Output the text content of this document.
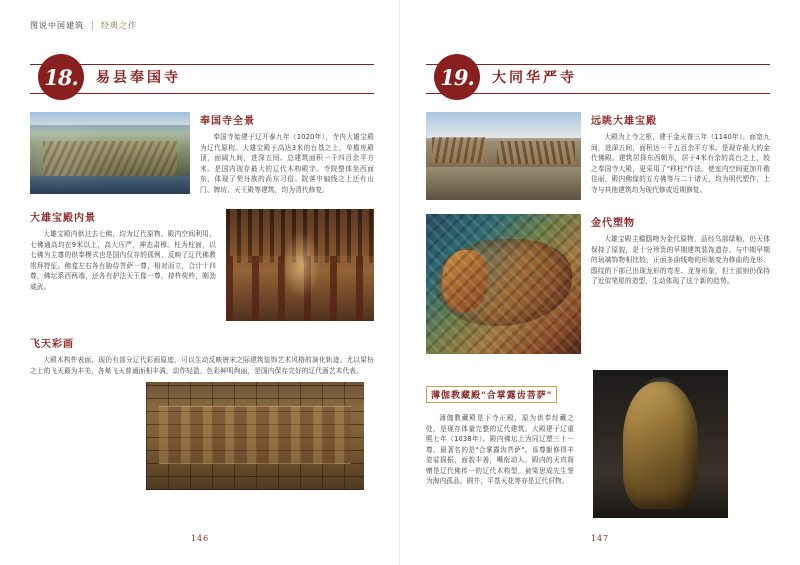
图说中国建筑 经典之作
18. 易县奉国寺
奉国寺全景
奉国寺始建于辽开泰九年（1020年），寺内大雄宝殿为辽代原构。大雄宝殿于高达3米的台基之上，单檐庑殿顶，面阔九间，进深五间。总建筑面积一千四百余平方米。是国内现存最大的辽代木构殿宇。寺院整体坐西面东，体现了契丹族的尚东习俗。院落中轴线之上还有山门、牌坊、天王殿等建筑，均为清代修复。
大雄宝殿内景
大雄宝殿内供过去七佛，均为辽代原物。殿内空间利用，七佛通高均在9米以上，高大压严，神态肃穆。柱为柱面，以七佛为主尊的供奉模式也是国内仅存的孤例，反映了辽代佛教崇拜特征。佛龛左右各有胁侍菩萨一尊，相对而立，合计十四尊，佛坛系西两端，还各有护法天王像一尊，持杵荷杵，刚劲威武。
飞天彩画
大殿木构件表面，现仍有部分辽代彩画原迹，可以生动反映唐宋之际建筑装饰艺术风格的演化轨迹。尤以梁枋之上的飞天最为丰美，各晕飞天普通面相丰满，动作轻盈，色彩鲜明绚丽，是国内保存完好的辽代画艺术代表。
146
19. 大同华严寺
远眺大雄宝殿
大殿为上寺之枢，建于金天眷三年（1140年）。面宽九间，进深五间，面积达一千五百余平方米。是现存最大的金代佛殿。建筑居择东西朝东，居于4米有余的高台之上，较之奉国寺大殿，更采用了"移柱"作法。使室内空间更加开敞佳丽，殿内佛像的五方佛等与二十诸天，均为明代塑作，上寺与其他建筑均为现代修或近期修复。
金代塑物
大雄宝殿主檐鸱吻为金代原物，品经乌部绿釉，仍天体保持了原貌，是十分珍贵的早期建筑装饰遗存。与中期早期的琉璃饰物相比较，正面多曲线吻的形制变为修曲的龙形、鸱纹的下部已出现龙形的弯差、龙身形象，但土部则仍保持了近似笔尾的造型，生动体现了这个新的趋势。
薄伽教藏殿"合掌露齿菩萨"
薄伽教藏殿是下寺正殿，原为供奉经藏之处，是现存体量完整的辽代建筑。大殿建于辽重熙七年（1038年）。殿内佛坛上为同辽塑三十一尊，最著名的是"合掌露齿菩萨"。该尊躯修得丰姿娑摇振，面貌丰善，嘴衔动人，殿内的天真阁赠是辽代佛传一的辽代木构型，被梁思成先生誉为海内孤品。圆井，平基天花等亦是辽代旧物。
147
